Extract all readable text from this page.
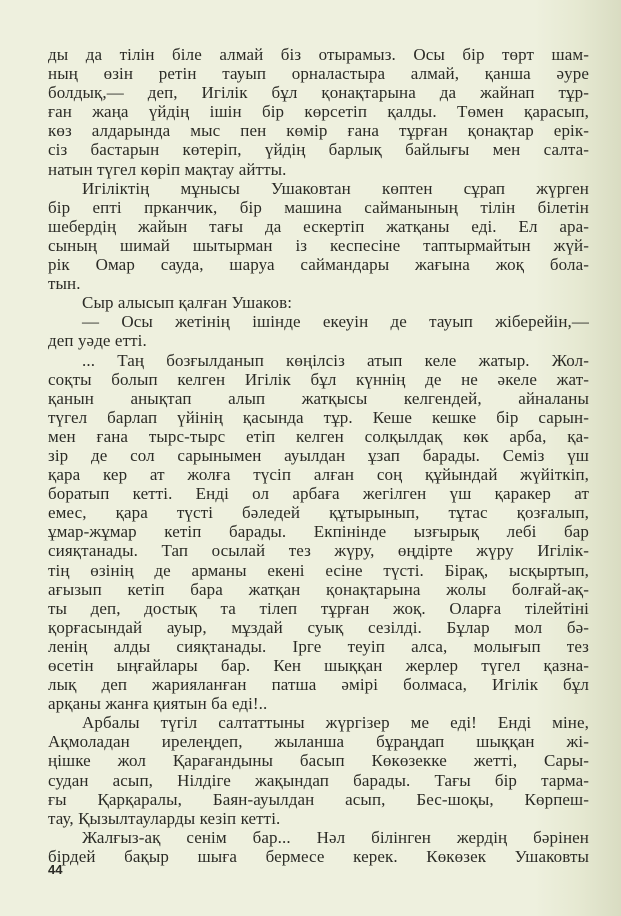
ды да тілін біле алмай біз отырамыз. Осы бір төрт шам-
ның өзін ретін тауып орналастыра алмай, қанша әуре
болдық,— деп, Игілік бұл қонақтарына да жайнап тұр-
ған жаңа үйдің ішін бір көрсетіп қалды. Төмен қарасып,
көз алдарында мыс пен көмір ғана тұрған қонақтар ерік-
сіз бастарын көтеріп, үйдің барлық байлығы мен салта-
натын түгел көріп мақтау айтты.
Игіліктің мұнысы Ушаковтан көптен сұрап жүрген
бір епті прканчик, бір машина сайманының тілін білетін
шебердің жайын тағы да ескертіп жатқаны еді. Ел ара-
сының шимай шытырман із кеспесіне таптырмайтын жүй-
рік Омар сауда, шаруа саймандары жағына жоқ бола-
тын.
Сыр алысып қалған Ушаков:
— Осы жетінің ішінде екеуін де тауып жіберейін,—
деп уәде етті.
... Таң бозғылданып көңілсіз атып келе жатыр. Жол-
соқты болып келген Игілік бұл күннің де не әкеле жат-
қанын анықтап алып жатқысы келгендей, айналаны
түгел барлап үйінің қасында тұр. Кеше кешке бір сарын-
мен ғана тырс-тырс етіп келген солқылдақ көк арба, қа-
зір де сол сарынымен ауылдан ұзап барады. Семіз үш
қара кер ат жолға түсіп алған соң құйындай жүйіткіп,
боратып кетті. Енді ол арбаға жегілген үш қаракер ат
емес, қара түсті бәледей құтырынып, тұтас қозғалып,
ұмар-жұмар кетіп барады. Екпінінде ызғырық лебі бар
сияқтанады. Тап осылай тез жүру, өңдірте жүру Игілік-
тің өзінің де арманы екені есіне түсті. Бірақ, ысқыртып,
ағызып кетіп бара жатқан қонақтарына жолы болғай-ақ-
ты деп, достық та тілеп тұрған жоқ. Оларға тілейтіні
қорғасындай ауыр, мұздай суық сезілді. Бұлар мол бә-
ленің алды сияқтанады. Ірге теуіп алса, молығып тез
өсетін ыңғайлары бар. Кен шыққан жерлер түгел қазна-
лық деп жарияланған патша әмірі болмаса, Игілік бұл
арқаны жанға қиятын ба еді!..
Арбалы түгіл салтаттыны жүргізер ме еді! Енді міне,
Ақмоладан ирелеңдеп, жыланша бұраңдап шыққан жі-
ңішке жол Қарағандыны басып Көкөзекке жетті, Сары-
судан асып, Нілдіге жақындап барады. Тағы бір тарма-
ғы Қарқаралы, Баян-ауылдан асып, Бес-шоқы, Көрпеш-
тау, Қызылтауларды кезіп кетті.
Жалғыз-ақ сенім бар... Нәл білінген жердің бәрінен
бірдей бақыр шыға бермесе керек. Көкөзек Ушаковты
44
